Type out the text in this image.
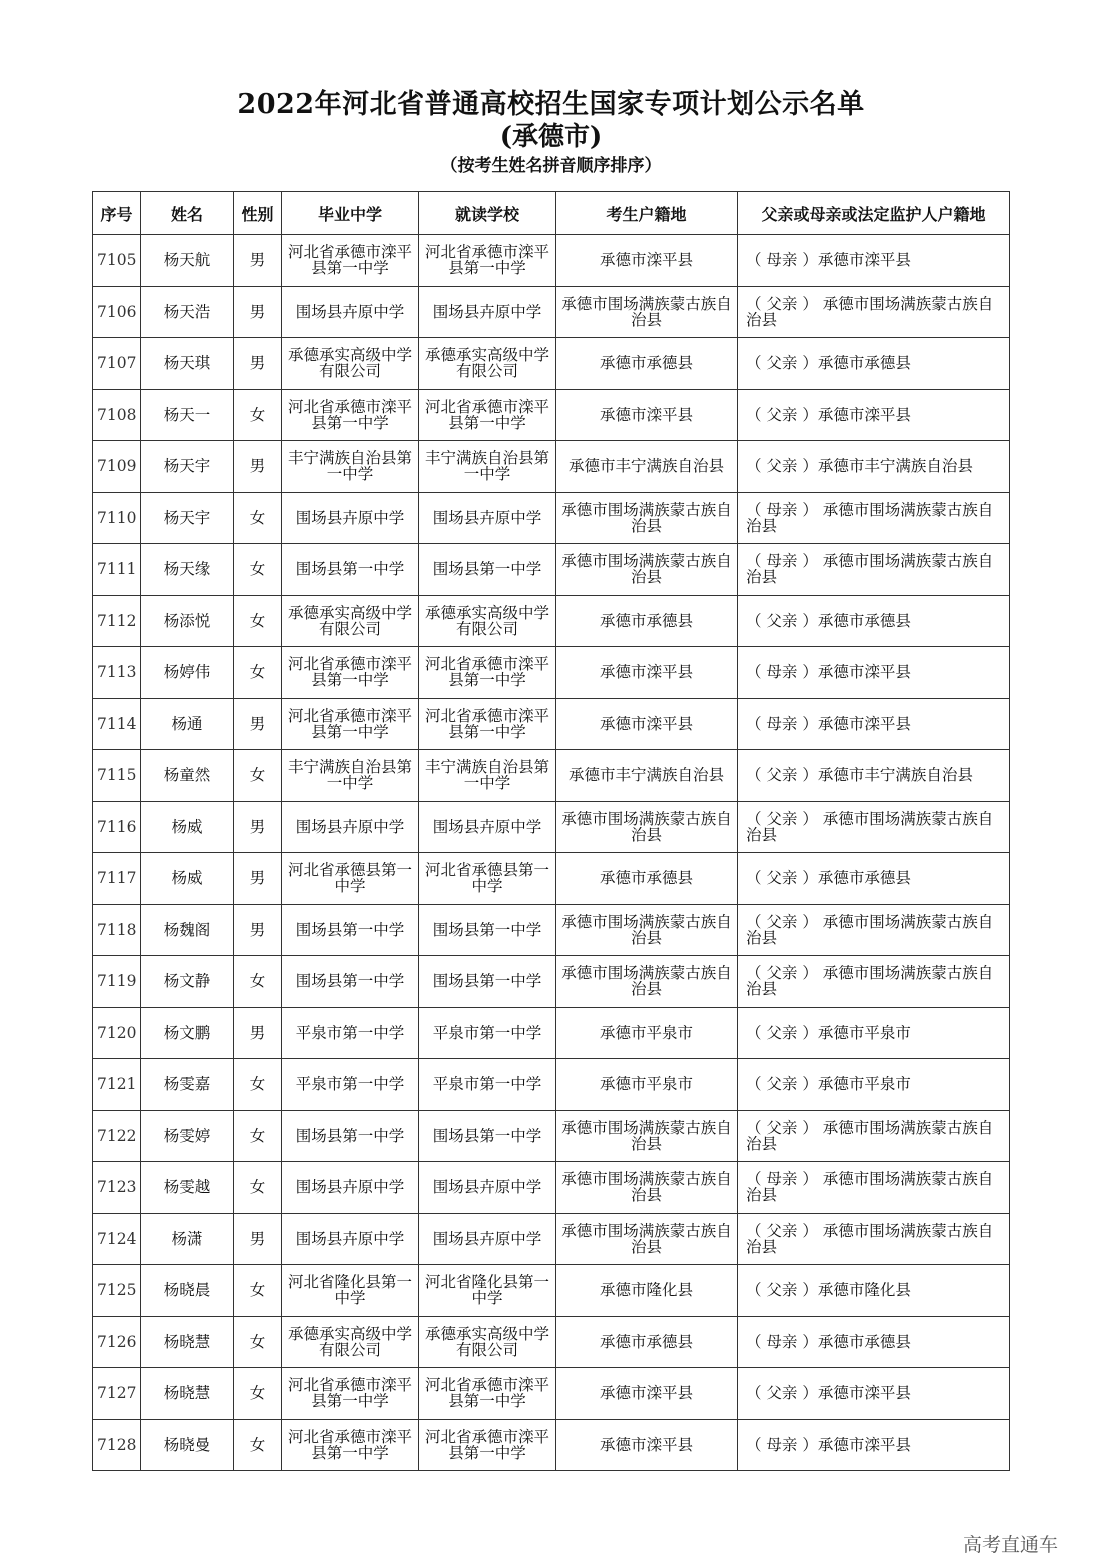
2022年河北省普通高校招生国家专项计划公示名单
(承德市)
（按考生姓名拼音顺序排序）
序号	姓名	性别	毕业中学	就读学校	考生户籍地	父亲或母亲或法定监护人户籍地
7105	杨天航	男	河北省承德市滦平县第一中学	河北省承德市滦平县第一中学	承德市滦平县	（ 母亲 ）承德市滦平县
7106	杨天浩	男	围场县卉原中学	围场县卉原中学	承德市围场满族蒙古族自治县	（ 父亲 ） 承德市围场满族蒙古族自治县
7107	杨天琪	男	承德承实高级中学有限公司	承德承实高级中学有限公司	承德市承德县	（ 父亲 ）承德市承德县
7108	杨天一	女	河北省承德市滦平县第一中学	河北省承德市滦平县第一中学	承德市滦平县	（ 父亲 ）承德市滦平县
7109	杨天宇	男	丰宁满族自治县第一中学	丰宁满族自治县第一中学	承德市丰宁满族自治县	（ 父亲 ）承德市丰宁满族自治县
7110	杨天宇	女	围场县卉原中学	围场县卉原中学	承德市围场满族蒙古族自治县	（ 母亲 ） 承德市围场满族蒙古族自治县
7111	杨天缘	女	围场县第一中学	围场县第一中学	承德市围场满族蒙古族自治县	（ 母亲 ） 承德市围场满族蒙古族自治县
7112	杨添悦	女	承德承实高级中学有限公司	承德承实高级中学有限公司	承德市承德县	（ 父亲 ）承德市承德县
7113	杨婷伟	女	河北省承德市滦平县第一中学	河北省承德市滦平县第一中学	承德市滦平县	（ 母亲 ）承德市滦平县
7114	杨通	男	河北省承德市滦平县第一中学	河北省承德市滦平县第一中学	承德市滦平县	（ 母亲 ）承德市滦平县
7115	杨童然	女	丰宁满族自治县第一中学	丰宁满族自治县第一中学	承德市丰宁满族自治县	（ 父亲 ）承德市丰宁满族自治县
7116	杨威	男	围场县卉原中学	围场县卉原中学	承德市围场满族蒙古族自治县	（ 父亲 ） 承德市围场满族蒙古族自治县
7117	杨威	男	河北省承德县第一中学	河北省承德县第一中学	承德市承德县	（ 父亲 ）承德市承德县
7118	杨魏阁	男	围场县第一中学	围场县第一中学	承德市围场满族蒙古族自治县	（ 父亲 ） 承德市围场满族蒙古族自治县
7119	杨文静	女	围场县第一中学	围场县第一中学	承德市围场满族蒙古族自治县	（ 父亲 ） 承德市围场满族蒙古族自治县
7120	杨文鹏	男	平泉市第一中学	平泉市第一中学	承德市平泉市	（ 父亲 ）承德市平泉市
7121	杨雯嘉	女	平泉市第一中学	平泉市第一中学	承德市平泉市	（ 父亲 ）承德市平泉市
7122	杨雯婷	女	围场县第一中学	围场县第一中学	承德市围场满族蒙古族自治县	（ 父亲 ） 承德市围场满族蒙古族自治县
7123	杨雯越	女	围场县卉原中学	围场县卉原中学	承德市围场满族蒙古族自治县	（ 母亲 ） 承德市围场满族蒙古族自治县
7124	杨潇	男	围场县卉原中学	围场县卉原中学	承德市围场满族蒙古族自治县	（ 父亲 ） 承德市围场满族蒙古族自治县
7125	杨晓晨	女	河北省隆化县第一中学	河北省隆化县第一中学	承德市隆化县	（ 父亲 ）承德市隆化县
7126	杨晓慧	女	承德承实高级中学有限公司	承德承实高级中学有限公司	承德市承德县	（ 母亲 ）承德市承德县
7127	杨晓慧	女	河北省承德市滦平县第一中学	河北省承德市滦平县第一中学	承德市滦平县	（ 父亲 ）承德市滦平县
7128	杨晓曼	女	河北省承德市滦平县第一中学	河北省承德市滦平县第一中学	承德市滦平县	（ 母亲 ）承德市滦平县
高考直通车
